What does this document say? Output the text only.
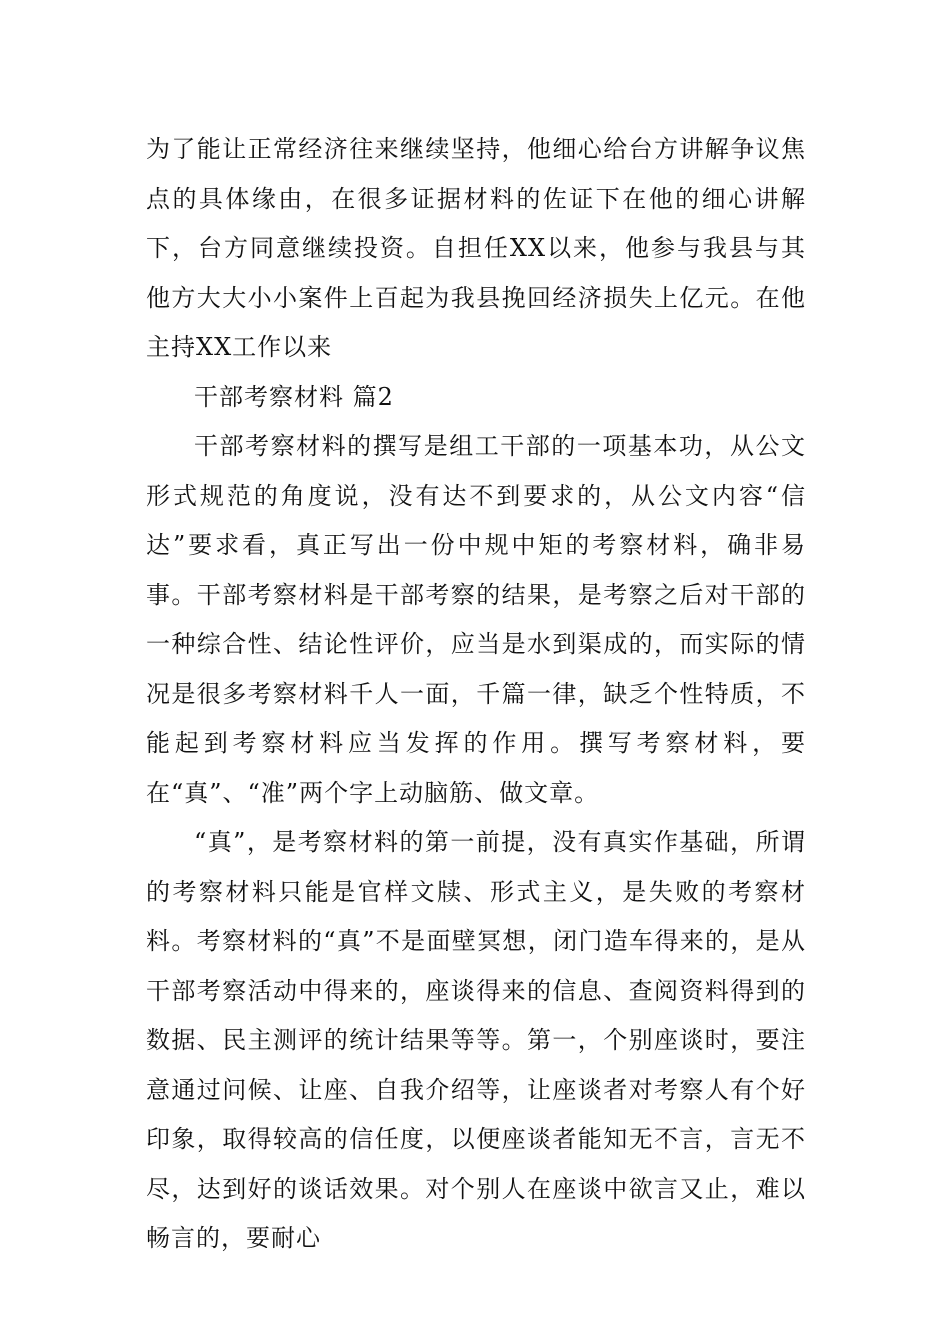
为了能让正常经济往来继续坚持，他细心给台方讲解争议焦点的具体缘由，在很多证据材料的佐证下在他的细心讲解下，台方同意继续投资。自担任XX以来，他参与我县与其他方大大小小案件上百起为我县挽回经济损失上亿元。在他主持XX工作以来

干部考察材料 篇2

干部考察材料的撰写是组工干部的一项基本功，从公文形式规范的角度说，没有达不到要求的，从公文内容“信达”要求看，真正写出一份中规中矩的考察材料，确非易事。干部考察材料是干部考察的结果，是考察之后对干部的一种综合性、结论性评价，应当是水到渠成的，而实际的情况是很多考察材料千人一面，千篇一律，缺乏个性特质，不能起到考察材料应当发挥的作用。撰写考察材料，要在“真”、“准”两个字上动脑筋、做文章。

“真”，是考察材料的第一前提，没有真实作基础，所谓的考察材料只能是官样文牍、形式主义，是失败的考察材料。考察材料的“真”不是面壁冥想，闭门造车得来的，是从干部考察活动中得来的，座谈得来的信息、查阅资料得到的数据、民主测评的统计结果等等。第一，个别座谈时，要注意通过问候、让座、自我介绍等，让座谈者对考察人有个好印象，取得较高的信任度，以便座谈者能知无不言，言无不尽，达到好的谈话效果。对个别人在座谈中欲言又止，难以畅言的，要耐心
